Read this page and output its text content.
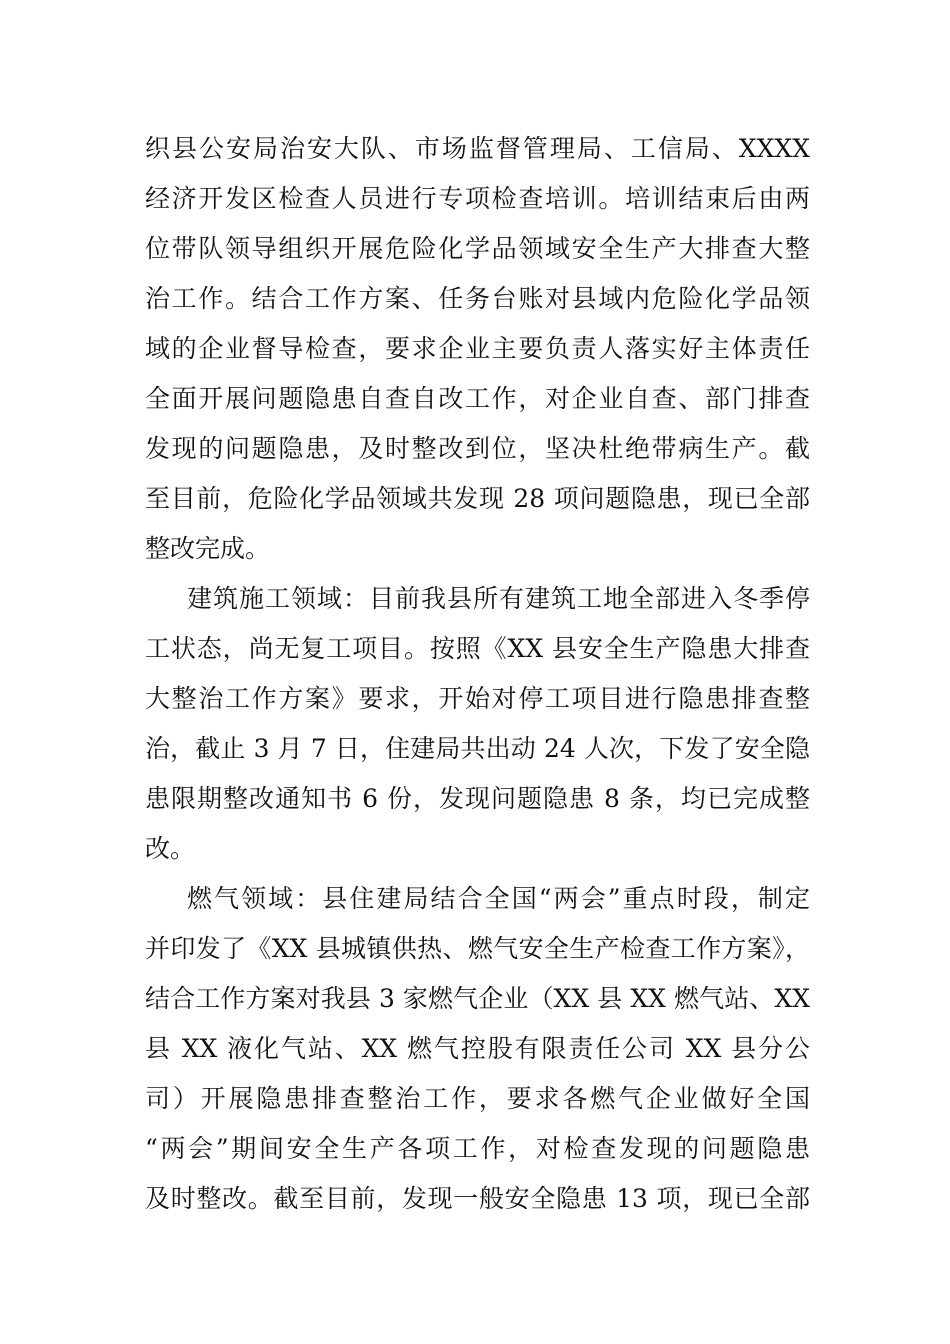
织县公安局治安大队、市场监督管理局、工信局、XXXX
经济开发区检查人员进行专项检查培训。培训结束后由两
位带队领导组织开展危险化学品领域安全生产大排查大整
治工作。结合工作方案、任务台账对县域内危险化学品领
域的企业督导检查，要求企业主要负责人落实好主体责任
全面开展问题隐患自查自改工作，对企业自查、部门排查
发现的问题隐患，及时整改到位，坚决杜绝带病生产。截
至目前，危险化学品领域共发现 28 项问题隐患，现已全部
整改完成。
建筑施工领域：目前我县所有建筑工地全部进入冬季停
工状态，尚无复工项目。按照《XX 县安全生产隐患大排查
大整治工作方案》要求，开始对停工项目进行隐患排查整
治，截止 3 月 7 日，住建局共出动 24 人次，下发了安全隐
患限期整改通知书 6 份，发现问题隐患 8 条，均已完成整
改。
燃气领域：县住建局结合全国“两会”重点时段，制定
并印发了《XX 县城镇供热、燃气安全生产检查工作方案》，
结合工作方案对我县 3 家燃气企业（XX 县 XX 燃气站、XX
县 XX 液化气站、XX 燃气控股有限责任公司 XX 县分公
司）开展隐患排查整治工作，要求各燃气企业做好全国
“两会”期间安全生产各项工作，对检查发现的问题隐患
及时整改。截至目前，发现一般安全隐患 13 项，现已全部
